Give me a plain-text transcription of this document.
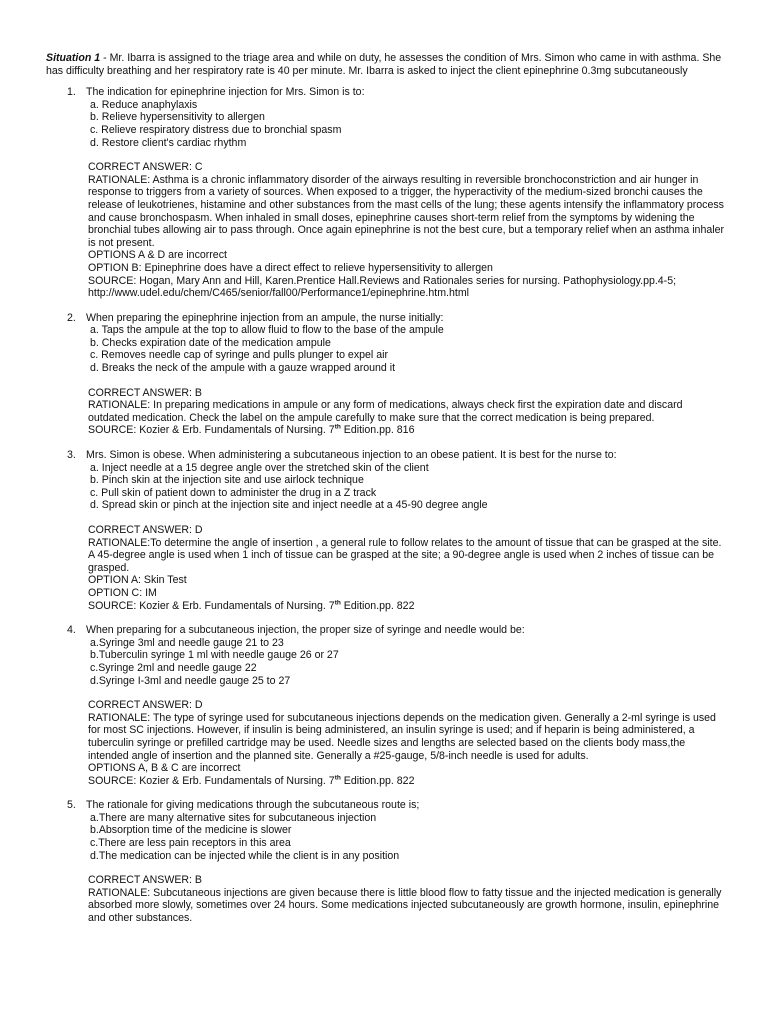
Situation 1 - Mr. Ibarra is assigned to the triage area and while on duty, he assesses the condition of Mrs. Simon who came in with asthma. She has difficulty breathing and her respiratory rate is 40 per minute. Mr. Ibarra is asked to inject the client epinephrine 0.3mg subcutaneously

1. The indication for epinephrine injection for Mrs. Simon is to:
a. Reduce anaphylaxis
b. Relieve hypersensitivity to allergen
c. Relieve respiratory distress due to bronchial spasm
d. Restore client's cardiac rhythm
CORRECT ANSWER: C
RATIONALE: Asthma is a chronic inflammatory disorder of the airways resulting in reversible bronchoconstriction and air hunger in response to triggers from a variety of sources. When exposed to a trigger, the hyperactivity of the medium-sized bronchi causes the release of leukotrienes, histamine and other substances from the mast cells of the lung; these agents intensify the inflammatory process and cause bronchospasm. When inhaled in small doses, epinephrine causes short-term relief from the symptoms by widening the bronchial tubes allowing air to pass through. Once again epinephrine is not the best cure, but a temporary relief when an asthma inhaler is not present.
OPTIONS A & D are incorrect
OPTION B: Epinephrine does have a direct effect to relieve hypersensitivity to allergen
SOURCE: Hogan, Mary Ann and Hill, Karen.Prentice Hall.Reviews and Rationales series for nursing. Pathophysiology.pp.4-5; http://www.udel.edu/chem/C465/senior/fall00/Performance1/epinephrine.htm.html
2. When preparing the epinephrine injection from an ampule, the nurse initially:
a. Taps the ampule at the top to allow fluid to flow to the base of the ampule
b. Checks expiration date of the medication ampule
c. Removes needle cap of syringe and pulls plunger to expel air
d. Breaks the neck of the ampule with a gauze wrapped around it
CORRECT ANSWER: B
RATIONALE: In preparing medications in ampule or any form of medications, always check first the expiration date and discard outdated medication. Check the label on the ampule carefully to make sure that the correct medication is being prepared.
SOURCE: Kozier & Erb. Fundamentals of Nursing. 7th Edition.pp. 816
3. Mrs. Simon is obese. When administering a subcutaneous injection to an obese patient. It is best for the nurse to:
a. Inject needle at a 15 degree angle over the stretched skin of the client
b. Pinch skin at the injection site and use airlock technique
c. Pull skin of patient down to administer the drug in a Z track
d. Spread skin or pinch at the injection site and inject needle at a 45-90 degree angle
CORRECT ANSWER: D
RATIONALE:To determine the angle of insertion , a general rule to follow relates to the amount of tissue that can be grasped at the site. A 45-degree angle is used when 1 inch of tissue can be grasped at the site; a 90-degree angle is used when 2 inches of tissue can be grasped.
OPTION A: Skin Test
OPTION C: IM
SOURCE: Kozier & Erb. Fundamentals of Nursing. 7th Edition.pp. 822
4. When preparing for a subcutaneous injection, the proper size of syringe and needle would be:
a.Syringe 3ml and needle gauge 21 to 23
b.Tuberculin syringe 1 ml with needle gauge 26 or 27
c.Syringe 2ml and needle gauge 22
d.Syringe I-3ml and needle gauge 25 to 27
CORRECT ANSWER: D
RATIONALE: The type of syringe used for subcutaneous injections depends on the medication given. Generally a 2-ml syringe is used for most SC injections. However, if insulin is being administered, an insulin syringe is used; and if heparin is being administered, a tuberculin syringe or prefilled cartridge may be used. Needle sizes and lengths are selected based on the clients body mass,the intended angle of insertion and the planned site. Generally a #25-gauge, 5/8-inch needle is used for adults.
OPTIONS A, B & C are incorrect
SOURCE: Kozier & Erb. Fundamentals of Nursing. 7th Edition.pp. 822
5. The rationale for giving medications through the subcutaneous route is;
a.There are many alternative sites for subcutaneous injection
b.Absorption time of the medicine is slower
c.There are less pain receptors in this area
d.The medication can be injected while the client is in any position
CORRECT ANSWER: B
RATIONALE: Subcutaneous injections are given because there is little blood flow to fatty tissue and the injected medication is generally absorbed more slowly, sometimes over 24 hours. Some medications injected subcutaneously are growth hormone, insulin, epinephrine and other substances.
